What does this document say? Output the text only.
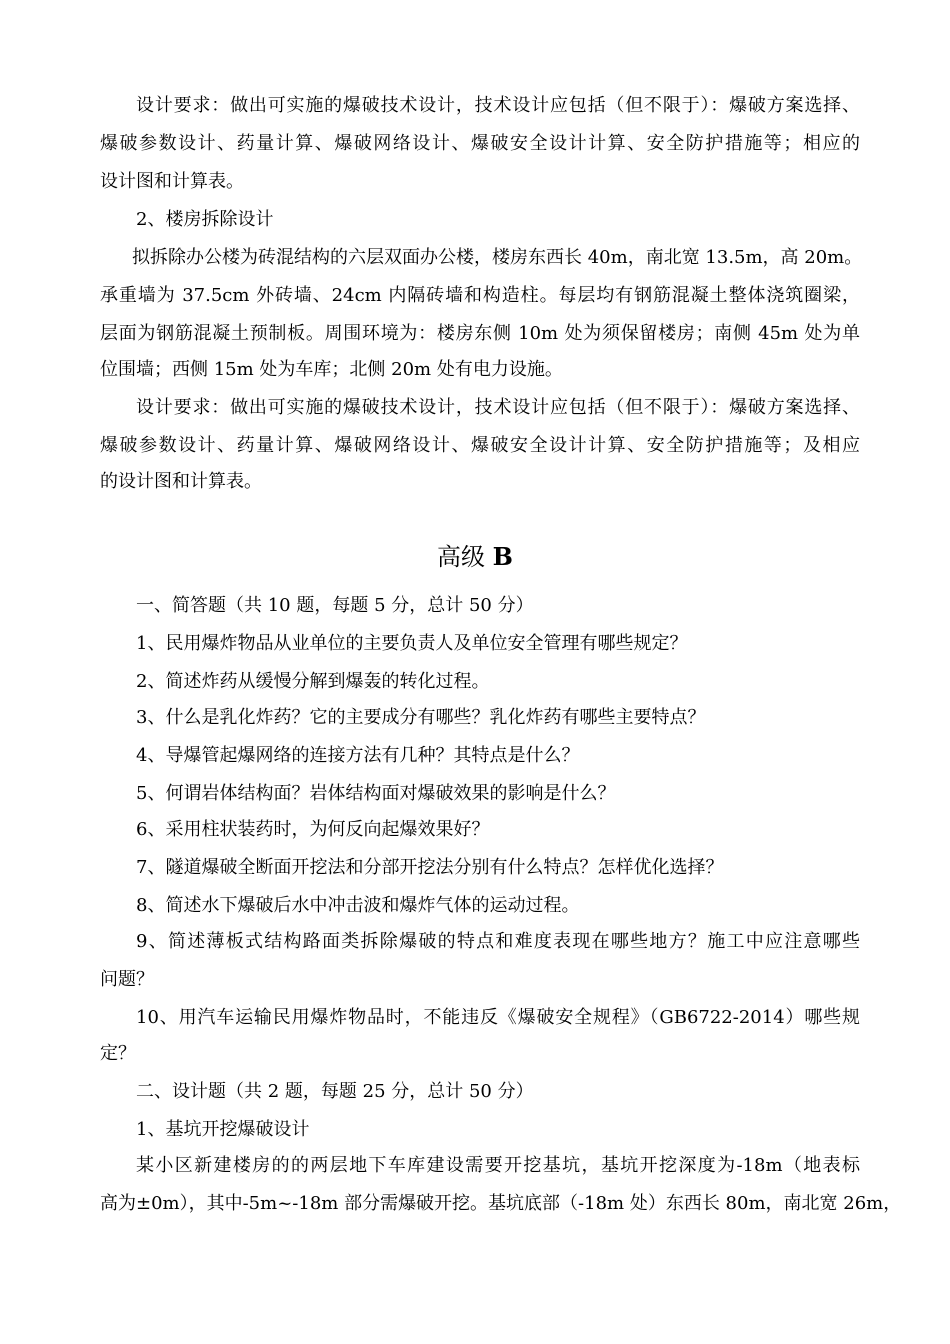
设计要求：做出可实施的爆破技术设计，技术设计应包括（但不限于）：爆破方案选择、
爆破参数设计、药量计算、爆破网络设计、爆破安全设计计算、安全防护措施等；相应的
设计图和计算表。
2、楼房拆除设计
拟拆除办公楼为砖混结构的六层双面办公楼，楼房东西长 40m，南北宽 13.5m，高 20m。
承重墙为 37.5cm 外砖墙、24cm 内隔砖墙和构造柱。每层均有钢筋混凝土整体浇筑圈梁，
层面为钢筋混凝土预制板。周围环境为：楼房东侧 10m 处为须保留楼房；南侧 45m 处为单
位围墙；西侧 15m 处为车库；北侧 20m 处有电力设施。
设计要求：做出可实施的爆破技术设计，技术设计应包括（但不限于）：爆破方案选择、
爆破参数设计、药量计算、爆破网络设计、爆破安全设计计算、安全防护措施等；及相应
的设计图和计算表。
高级 B
一、简答题（共 10 题，每题 5 分，总计 50 分）
1、民用爆炸物品从业单位的主要负责人及单位安全管理有哪些规定？
2、简述炸药从缓慢分解到爆轰的转化过程。
3、什么是乳化炸药？它的主要成分有哪些？乳化炸药有哪些主要特点？
4、导爆管起爆网络的连接方法有几种？其特点是什么？
5、何谓岩体结构面？岩体结构面对爆破效果的影响是什么？
6、采用柱状装药时，为何反向起爆效果好？
7、隧道爆破全断面开挖法和分部开挖法分别有什么特点？怎样优化选择？
8、简述水下爆破后水中冲击波和爆炸气体的运动过程。
9、简述薄板式结构路面类拆除爆破的特点和难度表现在哪些地方？施工中应注意哪些
问题？
10、用汽车运输民用爆炸物品时，不能违反《爆破安全规程》（GB6722-2014）哪些规
定？
二、设计题（共 2 题，每题 25 分，总计 50 分）
1、基坑开挖爆破设计
某小区新建楼房的的两层地下车库建设需要开挖基坑，基坑开挖深度为-18m（地表标
高为±0m），其中-5m~-18m 部分需爆破开挖。基坑底部（-18m 处）东西长 80m，南北宽 26m，
